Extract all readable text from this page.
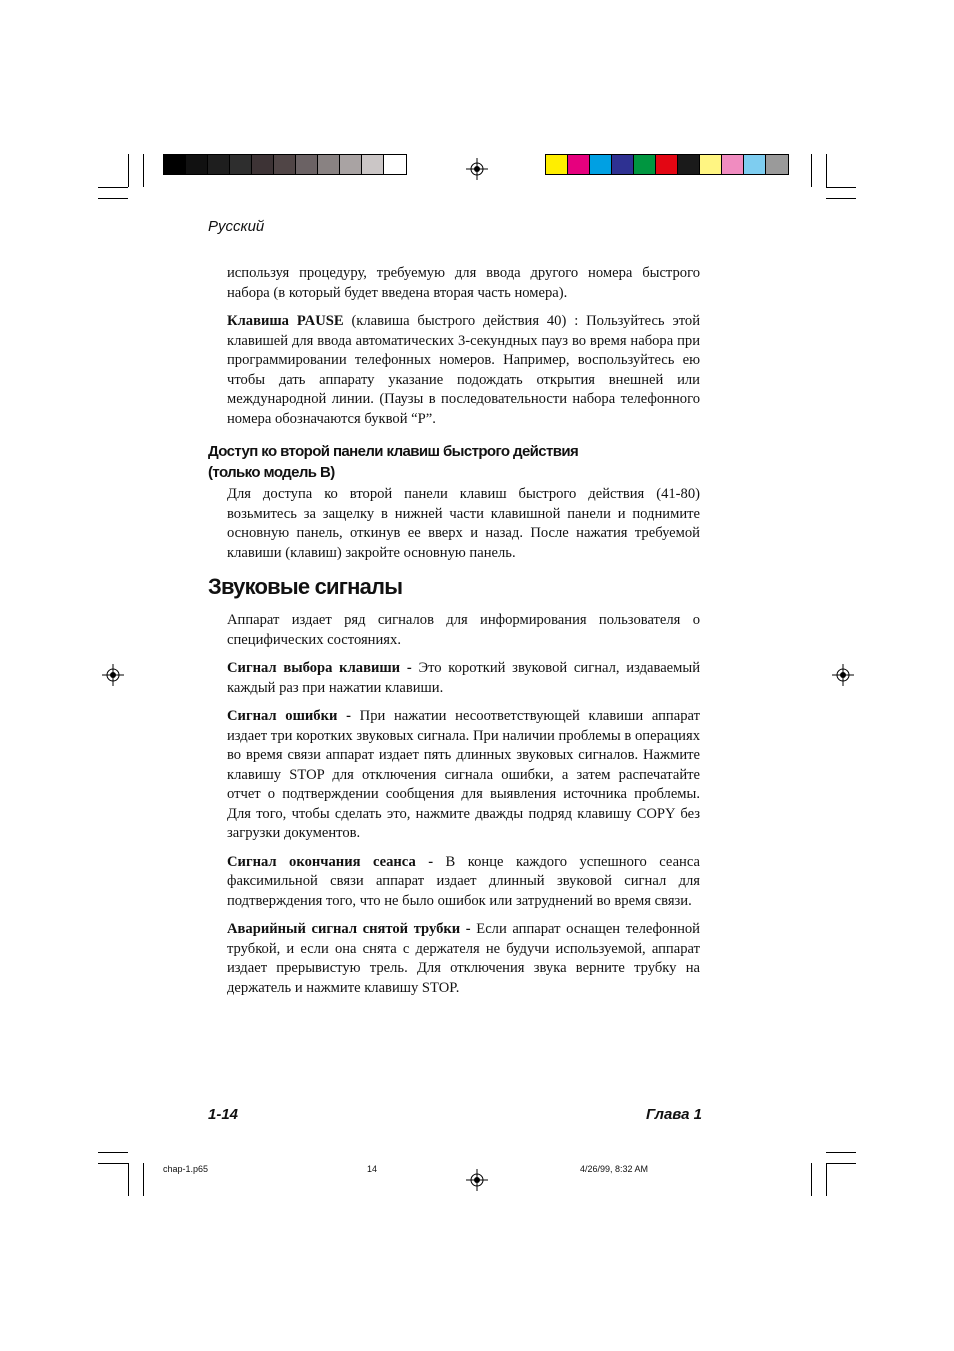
Русский

используя процедуру, требуемую для ввода другого номера быстрого набора (в который будет введена вторая часть номера).

Клавиша PAUSE (клавиша быстрого действия 40) : Пользуйтесь этой клавишей для ввода автоматических 3-секундных пауз во время набора при программировании телефонных номеров. Например, воспользуйтесь ею чтобы дать аппарату указание подождать открытия внешней или международной линии. (Паузы в последовательности набора телефонного номера обозначаются буквой “P”.

Доступ ко второй панели клавиш быстрого действия
(только модель B)

Для доступа ко второй панели клавиш быстрого действия (41-80) возьмитесь за защелку в нижней части клавишной панели и поднимите основную панель, откинув ее вверх и назад. После нажатия требуемой клавиши (клавиш) закройте основную панель.

Звуковые сигналы

Аппарат издает ряд сигналов для информирования пользователя о специфических состояниях.

Сигнал выбора клавиши - Это короткий звуковой сигнал, издаваемый каждый раз при нажатии клавиши.

Сигнал ошибки - При нажатии несоответствующей клавиши аппарат издает три коротких звуковых сигнала. При наличии проблемы в операциях во время связи аппарат издает пять длинных звуковых сигналов. Нажмите клавишу STOP для отключения сигнала ошибки, а затем распечатайте отчет о подтверждении сообщения для выявления источника проблемы. Для того, чтобы сделать это, нажмите дважды подряд клавишу COPY без загрузки документов.

Сигнал окончания сеанса - В конце каждого успешного сеанса факсимильной связи аппарат издает длинный звуковой сигнал для подтверждения того, что не было ошибок или затруднений во время связи.

Аварийный сигнал снятой трубки - Если аппарат оснащен телефонной трубкой, и если она снята с держателя не будучи используемой, аппарат издает прерывистую трель. Для отключения звука верните трубку на держатель и нажмите клавишу STOP.

1-14	Глава 1
chap-1.p65	14	4/26/99, 8:32 AM
